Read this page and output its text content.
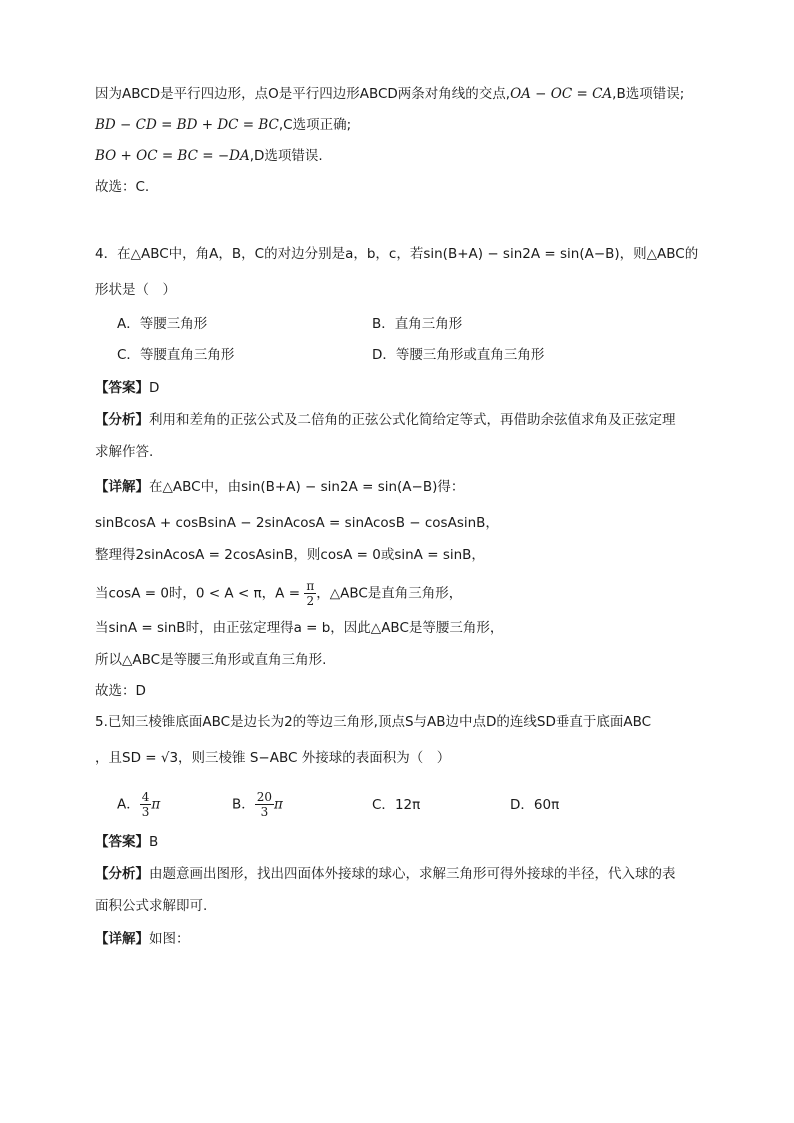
因为ABCD是平行四边形，点O是平行四边形ABCD两条对角线的交点,OA − OC = CA,B选项错误;
BD − CD = BD + DC = BC,C选项正确;
BO + OC = BC = −DA,D选项错误.
故选：C.
4．在△ABC中，角A，B，C的对边分别是a，b，c，若sin(B+A) − sin2A = sin(A−B)，则△ABC的
形状是（　）
A．等腰三角形	B．直角三角形
C．等腰直角三角形	D．等腰三角形或直角三角形
【答案】D
【分析】利用和差角的正弦公式及二倍角的正弦公式化简给定等式，再借助余弦值求角及正弦定理
求解作答.
【详解】在△ABC中，由sin(B+A) − sin2A = sin(A−B)得：
sinBcosA + cosBsinA − 2sinAcosA = sinAcosB − cosAsinB，
整理得2sinAcosA = 2cosAsinB，则cosA = 0或sinA = sinB，
当cosA = 0时，0 < A < π，$A = \frac{\pi}{2}$ ，△ABC是直角三角形，
当sinA = sinB时，由正弦定理得a = b，因此△ABC是等腰三角形，
所以△ABC是等腰三角形或直角三角形.
故选：D
5.已知三棱锥底面ABC是边长为2的等边三角形,顶点S与AB边中点D的连线SD垂直于底面ABC
，且SD = √3，则三棱锥 S−ABC 外接球的表面积为（　）
A． $\frac{4}{3}$ π	B． $\frac{20}{3}$ π	C．12π	D．60π
【答案】B
【分析】由题意画出图形，找出四面体外接球的球心，求解三角形可得外接球的半径，代入球的表
面积公式求解即可.
【详解】如图：
